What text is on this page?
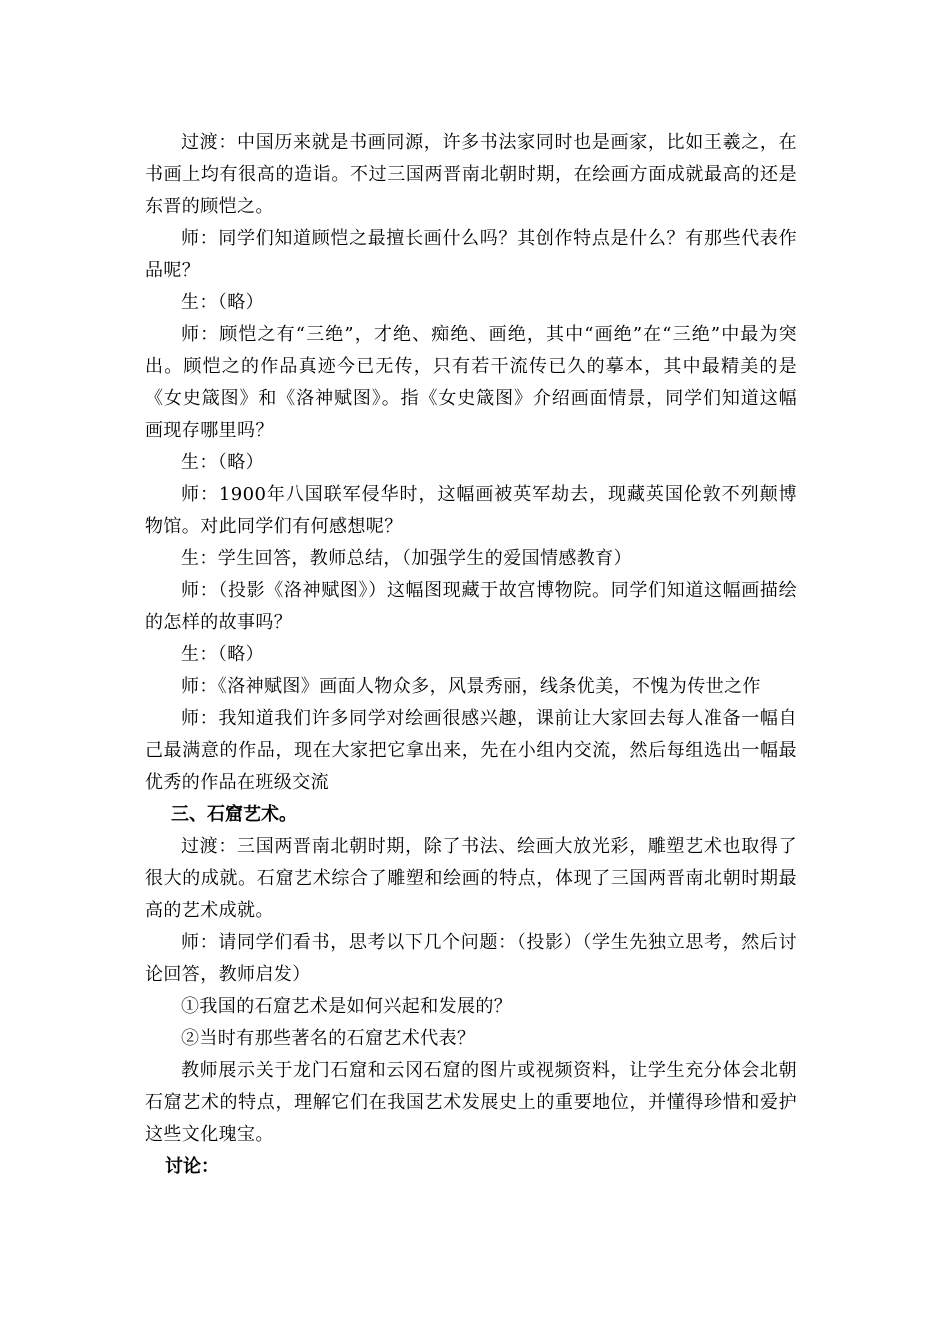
过渡：中国历来就是书画同源，许多书法家同时也是画家，比如王羲之，在书画上均有很高的造诣。不过三国两晋南北朝时期，在绘画方面成就最高的还是东晋的顾恺之。

师：同学们知道顾恺之最擅长画什么吗？其创作特点是什么？有那些代表作品呢？

生：（略）

师：顾恺之有“三绝”，才绝、痴绝、画绝，其中“画绝”在“三绝”中最为突出。顾恺之的作品真迹今已无传，只有若干流传已久的摹本，其中最精美的是《女史箴图》和《洛神赋图》。指《女史箴图》介绍画面情景，同学们知道这幅画现存哪里吗？

生：（略）

师：1900年八国联军侵华时，这幅画被英军劫去，现藏英国伦敦不列颠博物馆。对此同学们有何感想呢？

生：学生回答，教师总结，（加强学生的爱国情感教育）

师：（投影《洛神赋图》）这幅图现藏于故宫博物院。同学们知道这幅画描绘的怎样的故事吗？

生：（略）

师：《洛神赋图》画面人物众多，风景秀丽，线条优美，不愧为传世之作

师：我知道我们许多同学对绘画很感兴趣，课前让大家回去每人准备一幅自己最满意的作品，现在大家把它拿出来，先在小组内交流，然后每组选出一幅最优秀的作品在班级交流

三、石窟艺术。

过渡：三国两晋南北朝时期，除了书法、绘画大放光彩，雕塑艺术也取得了很大的成就。石窟艺术综合了雕塑和绘画的特点，体现了三国两晋南北朝时期最高的艺术成就。

师：请同学们看书，思考以下几个问题：（投影）（学生先独立思考，然后讨论回答，教师启发）

①我国的石窟艺术是如何兴起和发展的？

②当时有那些著名的石窟艺术代表？

教师展示关于龙门石窟和云冈石窟的图片或视频资料，让学生充分体会北朝石窟艺术的特点，理解它们在我国艺术发展史上的重要地位，并懂得珍惜和爱护这些文化瑰宝。

讨论：
